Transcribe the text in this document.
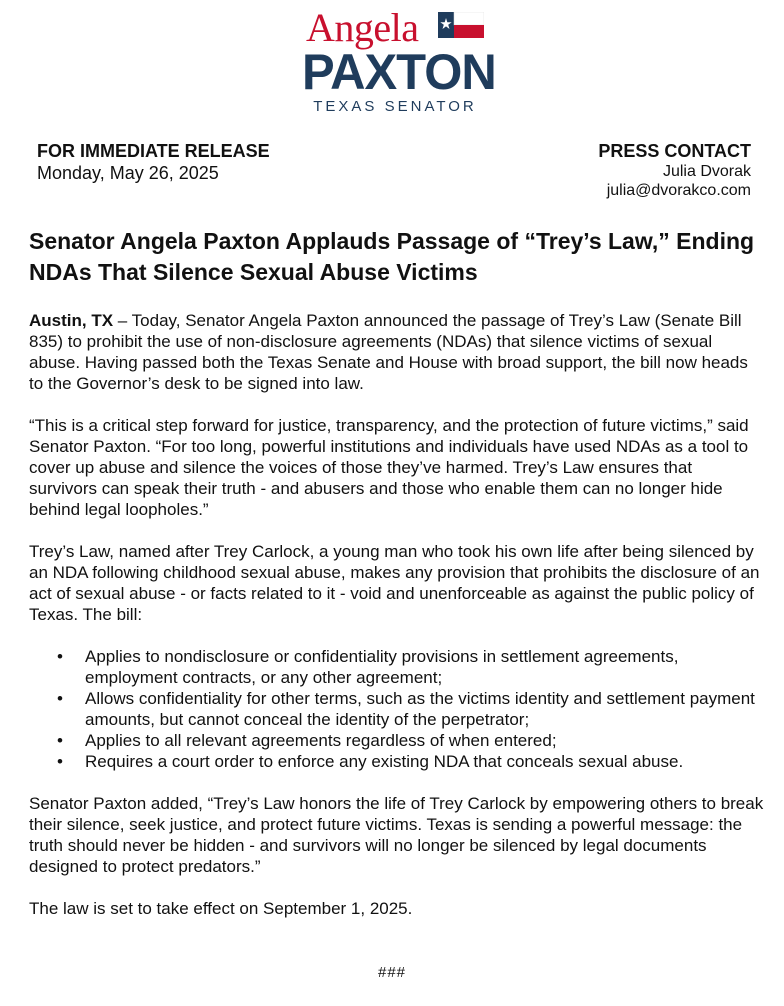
Angela
PAXTON
TEXAS SENATOR
FOR IMMEDIATE RELEASE
Monday, May 26, 2025
PRESS CONTACT
Julia Dvorak
julia@dvorakco.com
Senator Angela Paxton Applauds Passage of “Trey’s Law,” Ending NDAs That Silence Sexual Abuse Victims

Austin, TX – Today, Senator Angela Paxton announced the passage of Trey’s Law (Senate Bill 835) to prohibit the use of non-disclosure agreements (NDAs) that silence victims of sexual abuse. Having passed both the Texas Senate and House with broad support, the bill now heads to the Governor’s desk to be signed into law.

“This is a critical step forward for justice, transparency, and the protection of future victims,” said Senator Paxton. “For too long, powerful institutions and individuals have used NDAs as a tool to cover up abuse and silence the voices of those they’ve harmed. Trey’s Law ensures that survivors can speak their truth - and abusers and those who enable them can no longer hide behind legal loopholes.”

Trey’s Law, named after Trey Carlock, a young man who took his own life after being silenced by an NDA following childhood sexual abuse, makes any provision that prohibits the disclosure of an act of sexual abuse - or facts related to it - void and unenforceable as against the public policy of Texas. The bill:

• Applies to nondisclosure or confidentiality provisions in settlement agreements, employment contracts, or any other agreement;
• Allows confidentiality for other terms, such as the victims identity and settlement payment amounts, but cannot conceal the identity of the perpetrator;
• Applies to all relevant agreements regardless of when entered;
• Requires a court order to enforce any existing NDA that conceals sexual abuse.

Senator Paxton added, “Trey’s Law honors the life of Trey Carlock by empowering others to break their silence, seek justice, and protect future victims. Texas is sending a powerful message: the truth should never be hidden - and survivors will no longer be silenced by legal documents designed to protect predators.”

The law is set to take effect on September 1, 2025.

###
